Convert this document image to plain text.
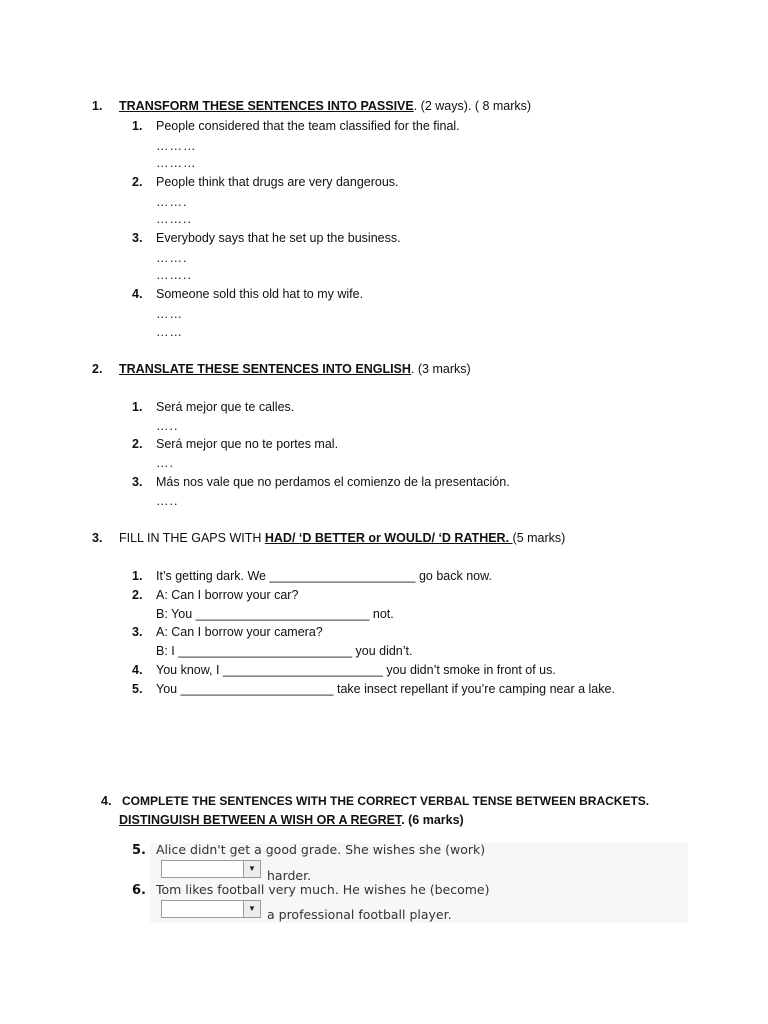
1. TRANSFORM THESE SENTENCES INTO PASSIVE. (2 ways). ( 8 marks)
1. People considered that the team classified for the final.
………
………
2. People think that drugs are very dangerous.
…….
……..
3. Everybody says that he set up the business.
…….
……..
4. Someone sold this old hat to my wife.
……
……
2. TRANSLATE THESE SENTENCES INTO ENGLISH. (3 marks)
1. Será mejor que te calles.
…..
2. Será mejor que no te portes mal.
….
3. Más nos vale que no perdamos el comienzo de la presentación.
…..
3. FILL IN THE GAPS WITH HAD/ ‘D BETTER or WOULD/ ‘D RATHER. (5 marks)
1. It’s getting dark. We _____________________ go back now.
2. A: Can I borrow your car?
B: You _________________________ not.
3. A: Can I borrow your camera?
B: I _________________________ you didn’t.
4. You know, I _______________________ you didn’t smoke in front of us.
5. You ______________________ take insect repellant if you’re camping near a lake.
4. COMPLETE THE SENTENCES WITH THE CORRECT VERBAL TENSE BETWEEN BRACKETS.
DISTINGUISH BETWEEN A WISH OR A REGRET. (6 marks)
5. Alice didn't get a good grade. She wishes she (work)
▼ harder.
6. Tom likes football very much. He wishes he (become)
▼ a professional football player.
